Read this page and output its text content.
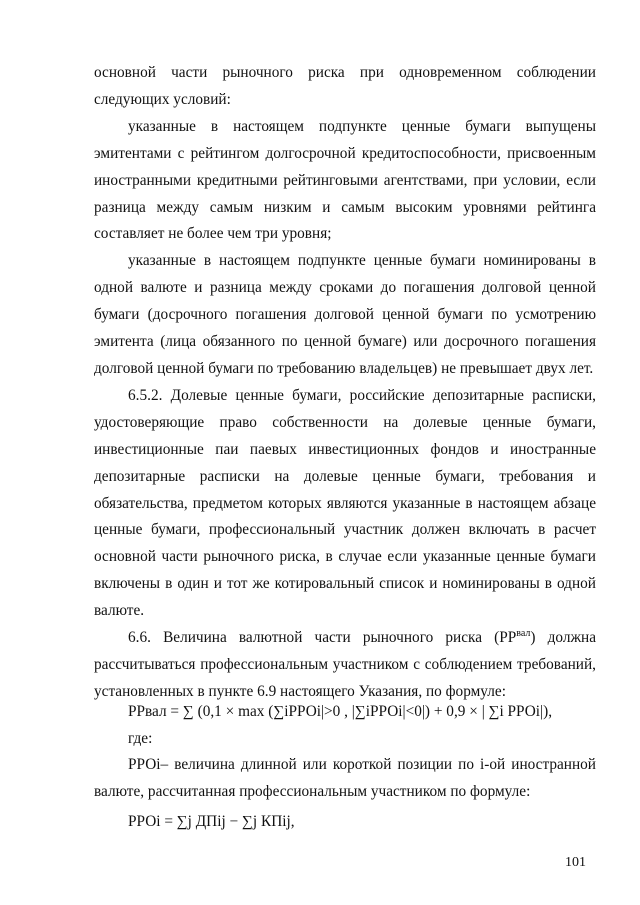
основной части рыночного риска при одновременном соблюдении следующих условий:

указанные в настоящем подпункте ценные бумаги выпущены эмитентами с рейтингом долгосрочной кредитоспособности, присвоенным иностранными кредитными рейтинговыми агентствами, при условии, если разница между самым низким и самым высоким уровнями рейтинга составляет не более чем три уровня;

указанные в настоящем подпункте ценные бумаги номинированы в одной валюте и разница между сроками до погашения долговой ценной бумаги (досрочного погашения долговой ценной бумаги по усмотрению эмитента (лица обязанного по ценной бумаге) или досрочного погашения долговой ценной бумаги по требованию владельцев) не превышает двух лет.

6.5.2. Долевые ценные бумаги, российские депозитарные расписки, удостоверяющие право собственности на долевые ценные бумаги, инвестиционные паи паевых инвестиционных фондов и иностранные депозитарные расписки на долевые ценные бумаги, требования и обязательства, предметом которых являются указанные в настоящем абзаце ценные бумаги, профессиональный участник должен включать в расчет основной части рыночного риска, в случае если указанные ценные бумаги включены в один и тот же котировальный список и номинированы в одной валюте.

6.6. Величина валютной части рыночного риска $(РР^{вал})$ должна рассчитываться профессиональным участником с соблюдением требований, установленных в пункте 6.9 настоящего Указания, по формуле:

РРвал = ∑ (0,1 × max (∑iРРОi|>0 , |∑iРРОi|<0|) + 0,9 × | ∑i РРОi|),
где:

РРОi– величина длинной или короткой позиции по i-ой иностранной валюте, рассчитанная профессиональным участником по формуле:

РРОi = ∑j ДПij − ∑j КПij,
101
